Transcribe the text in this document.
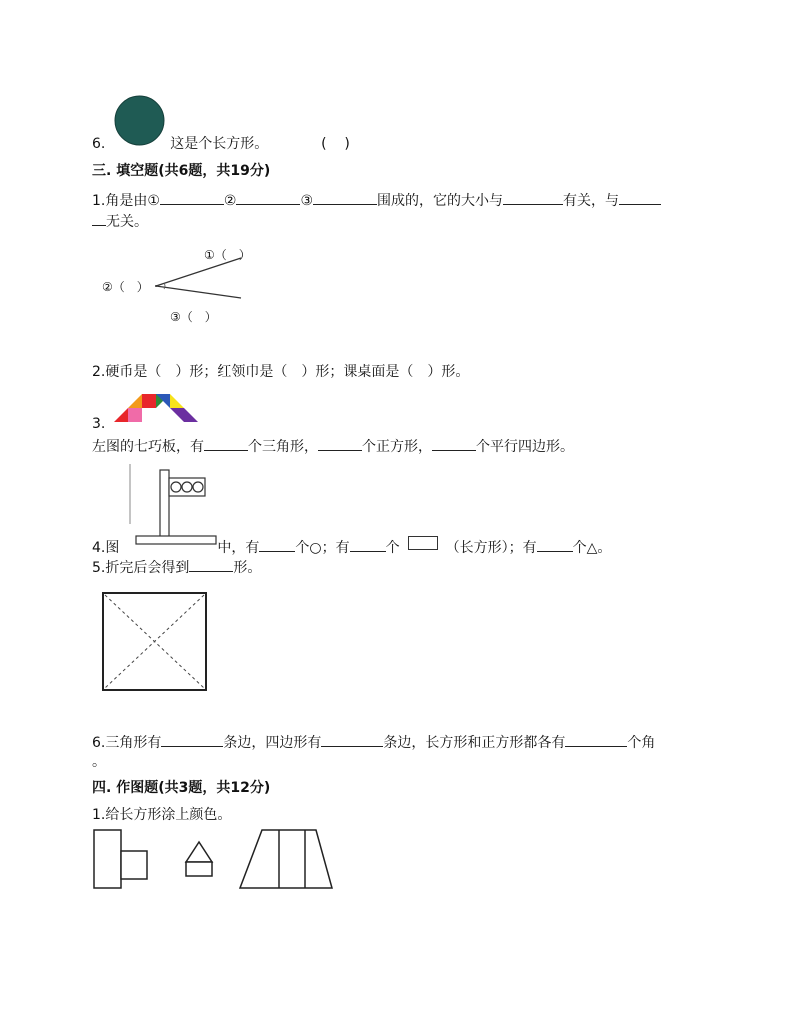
6.	这是个长方形。	(    )
三. 填空题(共6题，共19分)
1.角是由①	②	③	围成的，它的大小与	有关，与
无关。
①（　）
②（　）
③（　）
2.硬币是（　）形；红领巾是（　）形；课桌面是（　）形。
3.
左图的七巧板，有	个三角形，	个正方形，	个平行四边形。
4.图	中，有	个○；有	个	（长方形）；有	个△。
5.折完后会得到	形。
6.三角形有	条边，四边形有	条边，长方形和正方形都各有	个角
。
四. 作图题(共3题，共12分)
1.给长方形涂上颜色。
